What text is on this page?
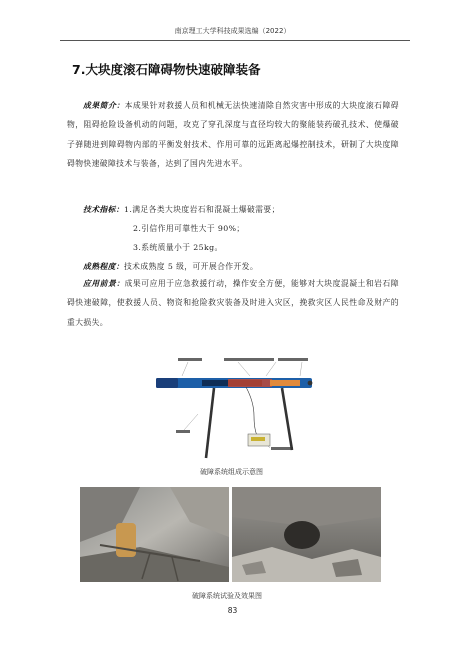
南京理工大学科技成果选编（2022）
7.大块度滚石障碍物快速破障装备
成果简介：本成果针对救援人员和机械无法快速清除自然灾害中形成的大块度滚石障碍物，阻碍抢险设备机动的问题，攻克了穿孔深度与直径均较大的聚能装药破孔技术、使爆破子弹随进到障碍物内部的平衡发射技术、作用可靠的远距离起爆控制技术，研制了大块度障碍物快速破障技术与装备，达到了国内先进水平。
技术指标：1.满足各类大块度岩石和混凝土爆破需要；
2.引信作用可靠性大于 90%；
3.系统质量小于 25kg。
成熟程度：技术成熟度 5 级，可开展合作开发。
应用前景：成果可应用于应急救援行动，操作安全方便，能够对大块度混凝土和岩石障碍快速破障，使救援人员、物资和抢险救灾装备及时进入灾区，挽救灾区人民性命及财产的重大损失。
破障系统组成示意图
破障系统试验及效果图
83
